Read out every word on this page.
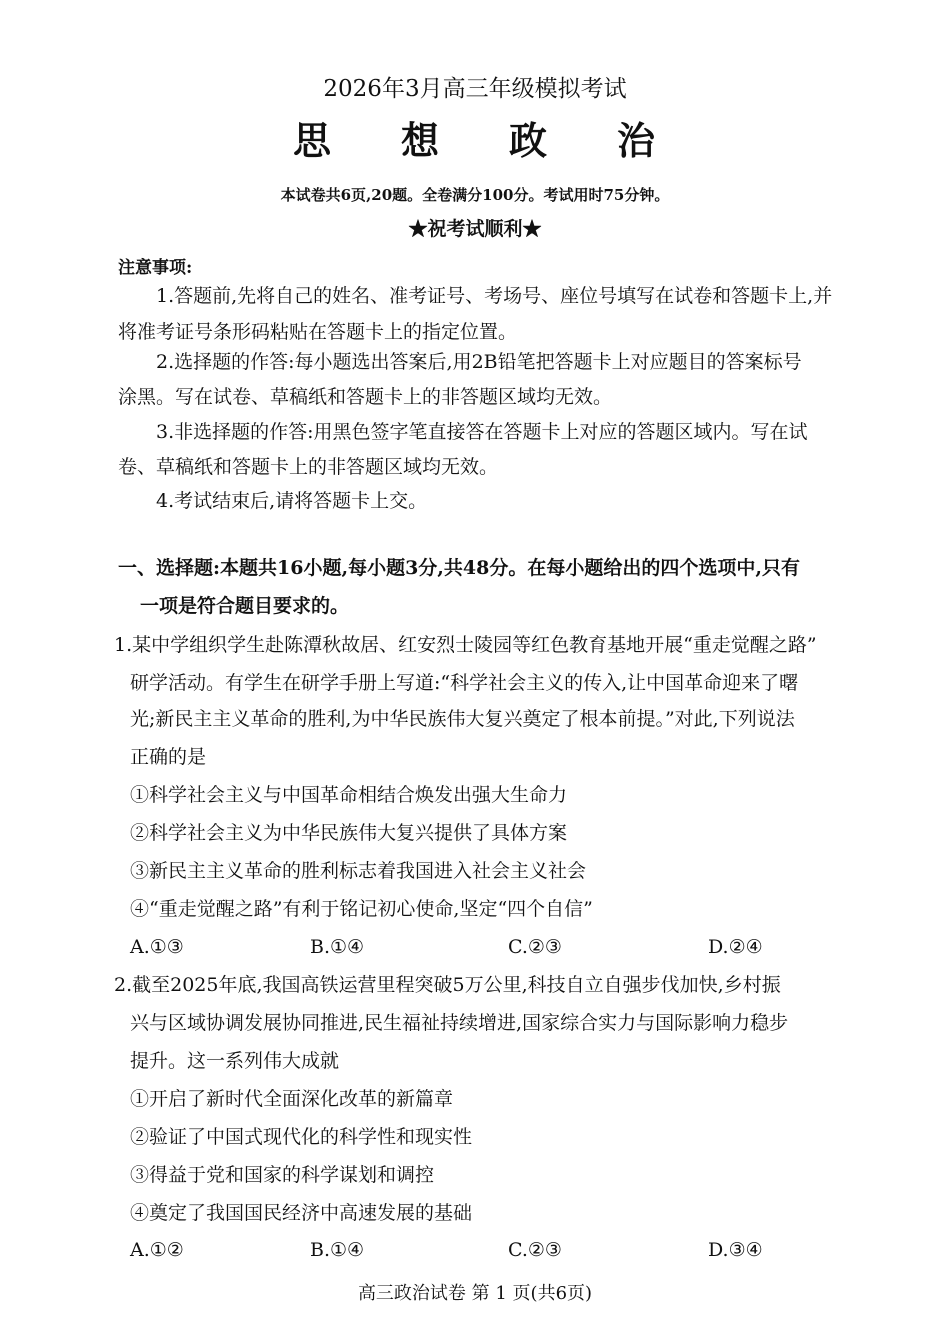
2026年3月高三年级模拟考试
思 想 政 治
本试卷共6页,20题。全卷满分100分。考试用时75分钟。
★祝考试顺利★
注意事项:
1.答题前,先将自己的姓名、准考证号、考场号、座位号填写在试卷和答题卡上,并
将准考证号条形码粘贴在答题卡上的指定位置。
2.选择题的作答:每小题选出答案后,用2B铅笔把答题卡上对应题目的答案标号
涂黑。写在试卷、草稿纸和答题卡上的非答题区域均无效。
3.非选择题的作答:用黑色签字笔直接答在答题卡上对应的答题区域内。写在试
卷、草稿纸和答题卡上的非答题区域均无效。
4.考试结束后,请将答题卡上交。
一、选择题:本题共16小题,每小题3分,共48分。在每小题给出的四个选项中,只有
一项是符合题目要求的。
1.某中学组织学生赴陈潭秋故居、红安烈士陵园等红色教育基地开展“重走觉醒之路”
研学活动。有学生在研学手册上写道:“科学社会主义的传入,让中国革命迎来了曙
光;新民主主义革命的胜利,为中华民族伟大复兴奠定了根本前提。”对此,下列说法
正确的是
①科学社会主义与中国革命相结合焕发出强大生命力
②科学社会主义为中华民族伟大复兴提供了具体方案
③新民主主义革命的胜利标志着我国进入社会主义社会
④“重走觉醒之路”有利于铭记初心使命,坚定“四个自信”
A.①③	B.①④	C.②③	D.②④
2.截至2025年底,我国高铁运营里程突破5万公里,科技自立自强步伐加快,乡村振
兴与区域协调发展协同推进,民生福祉持续增进,国家综合实力与国际影响力稳步
提升。这一系列伟大成就
①开启了新时代全面深化改革的新篇章
②验证了中国式现代化的科学性和现实性
③得益于党和国家的科学谋划和调控
④奠定了我国国民经济中高速发展的基础
A.①②	B.①④	C.②③	D.③④
高三政治试卷 第 1 页(共6页)
